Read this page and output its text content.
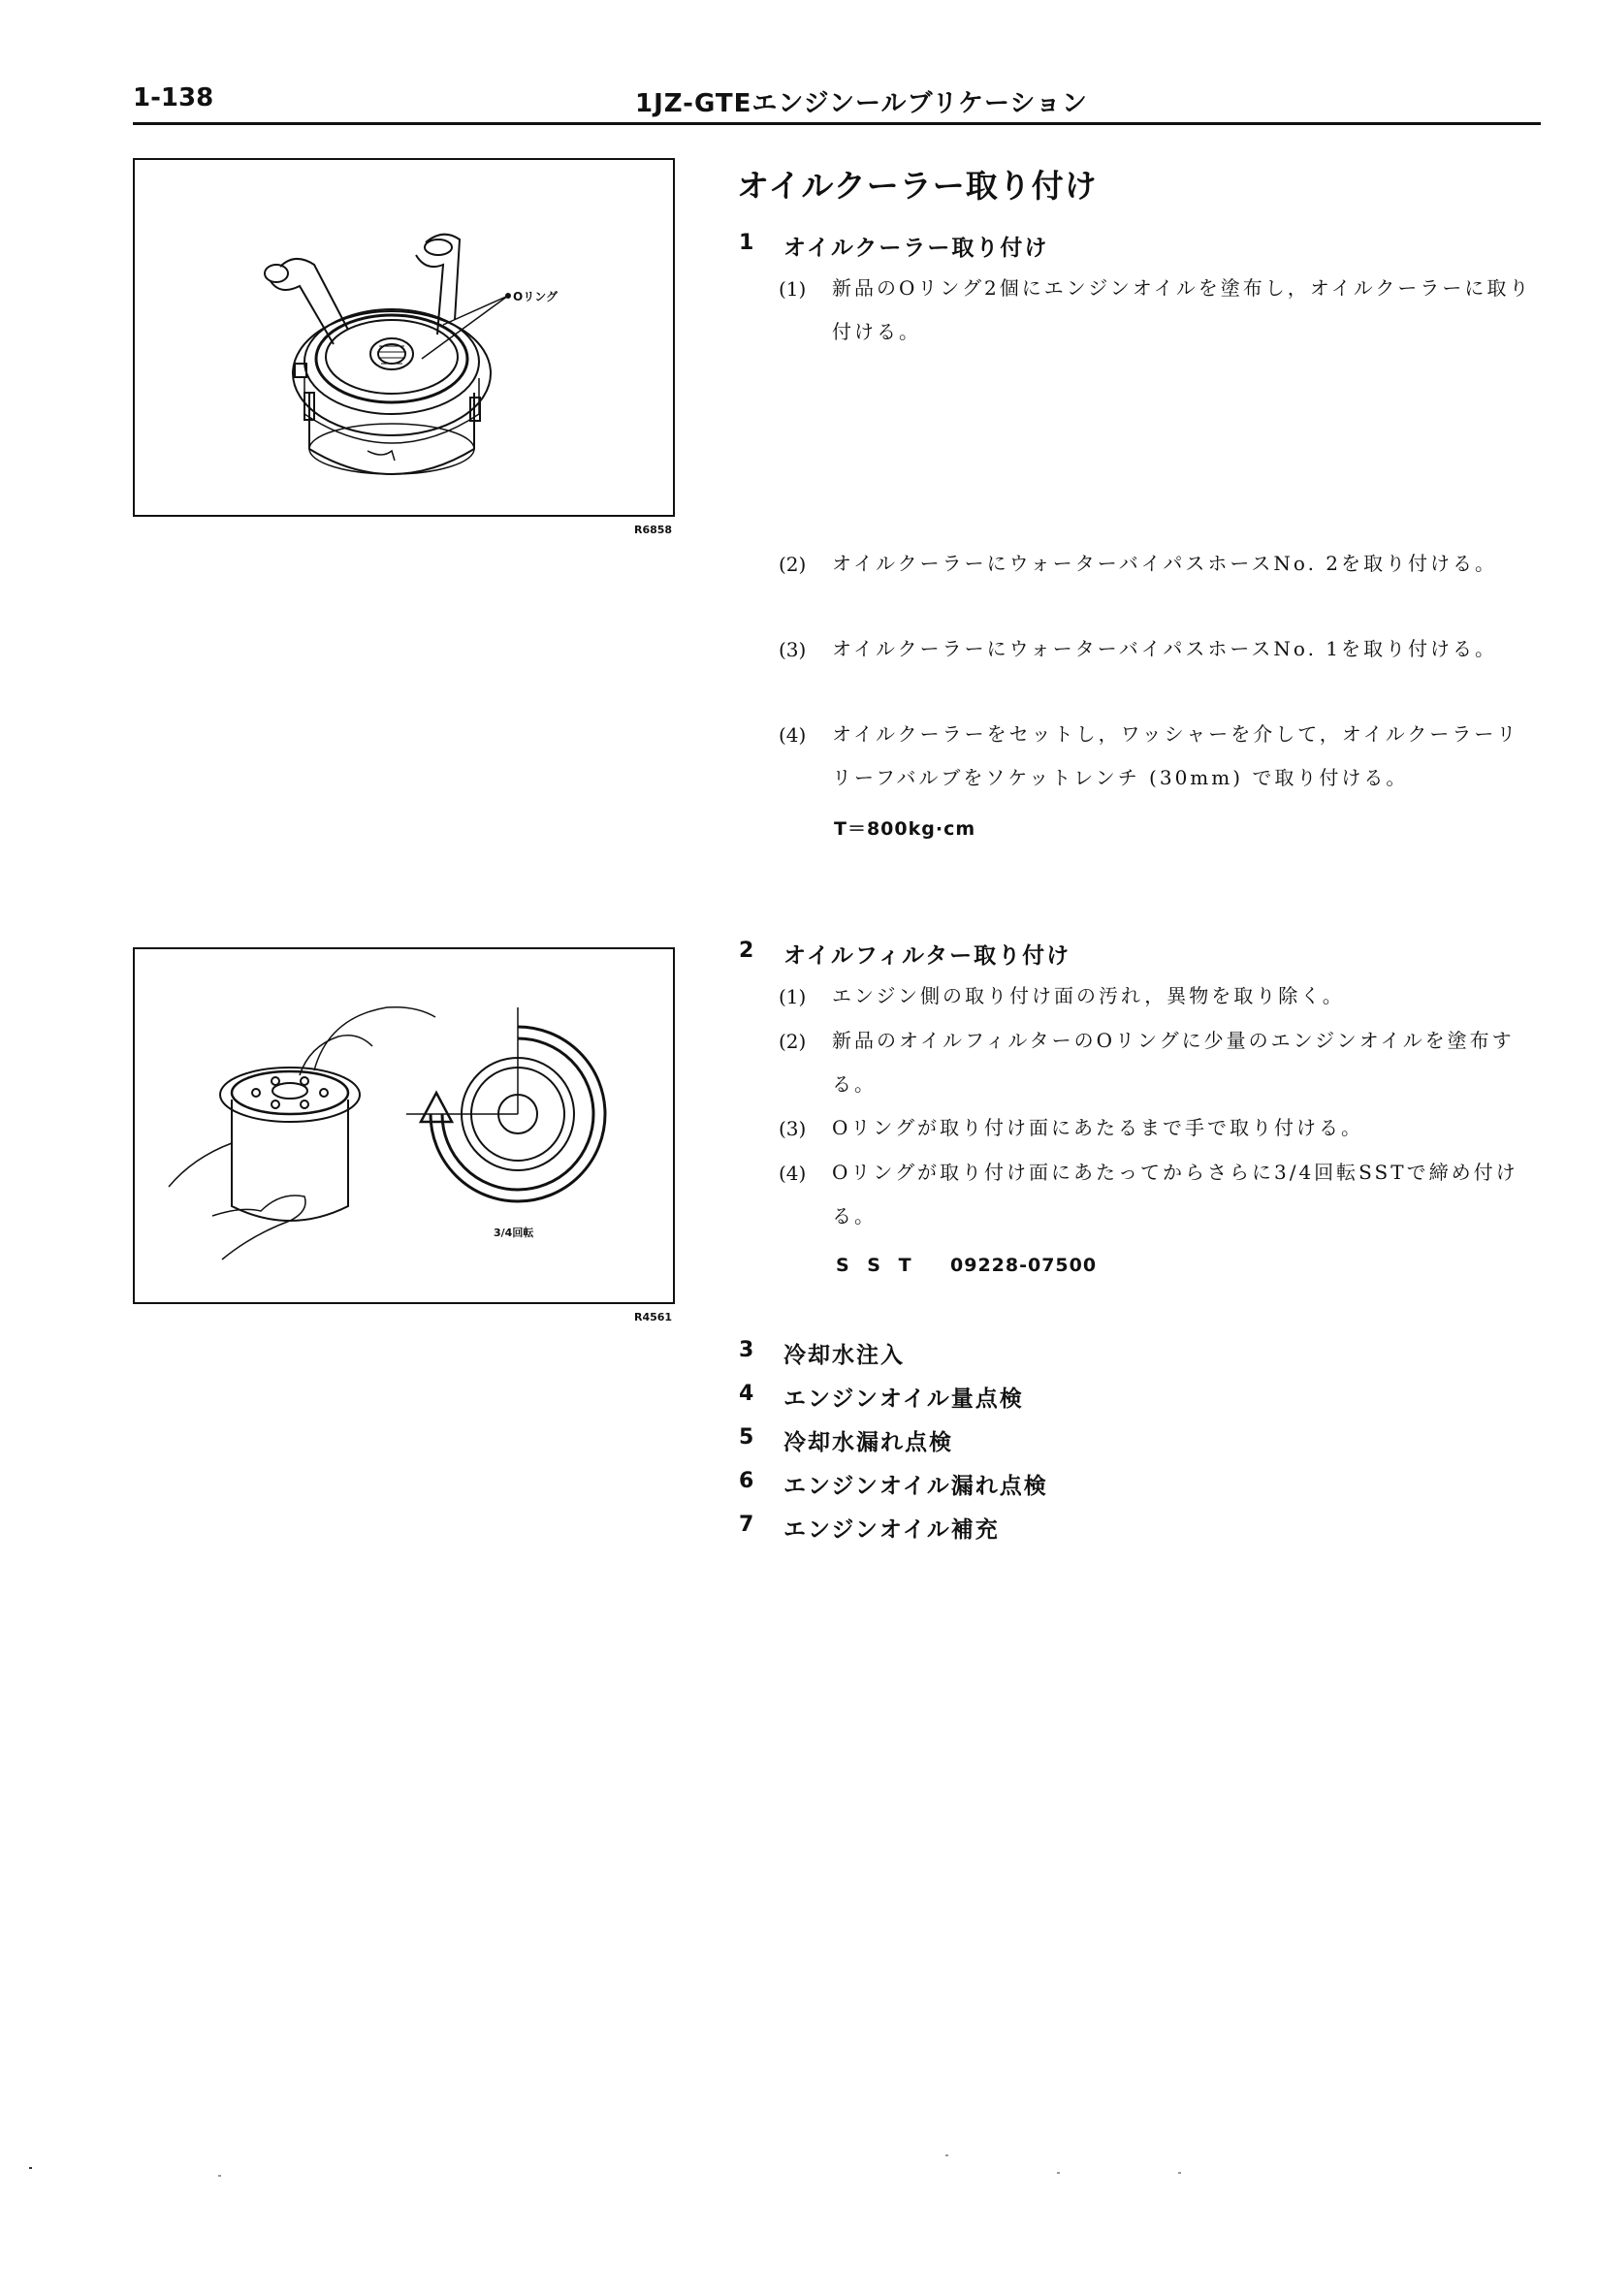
1-138	1JZ-GTEエンジンールブリケーション
Oリング
R6858
3/4回転
R4561
オイルクーラー取り付け
1 オイルクーラー取り付け
(1) 新品のOリング2個にエンジンオイルを塗布し，オイルクーラーに取り付ける。
(2) オイルクーラーにウォーターバイパスホースNo. 2を取り付ける。
(3) オイルクーラーにウォーターバイパスホースNo. 1を取り付ける。
(4) オイルクーラーをセットし，ワッシャーを介して，オイルクーラーリリーフバルブをソケットレンチ (30mm) で取り付ける。
T＝800kg·cm
2 オイルフィルター取り付け
(1) エンジン側の取り付け面の汚れ，異物を取り除く。
(2) 新品のオイルフィルターのOリングに少量のエンジンオイルを塗布する。
(3) Oリングが取り付け面にあたるまで手で取り付ける。
(4) Oリングが取り付け面にあたってからさらに3/4回転SSTで締め付ける。
S S T 09228-07500
3 冷却水注入
4 エンジンオイル量点検
5 冷却水漏れ点検
6 エンジンオイル漏れ点検
7 エンジンオイル補充
